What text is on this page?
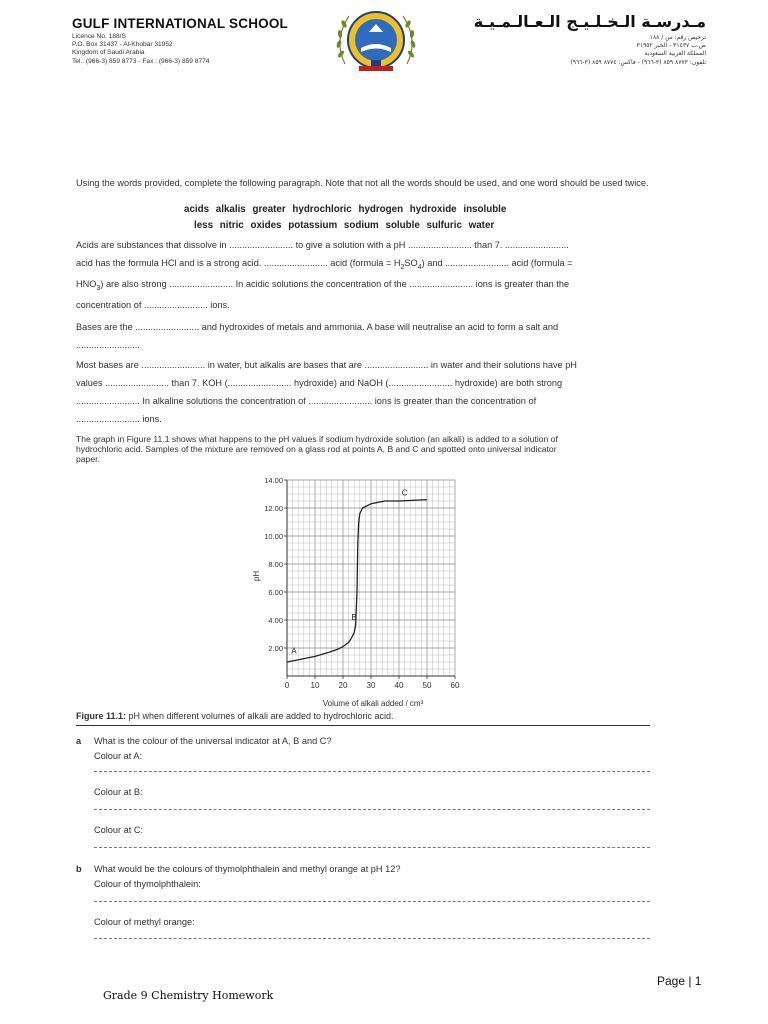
GULF INTERNATIONAL SCHOOL
Licence No. 188/S
P.O. Box 31437 - Al-Khobar 31952
Kingdom of Saudi Arabia
Tel.: (966-3) 859 8773 - Fax : (966-3) 859 8774
مـدرسـة الـخـلـيـج الـعـالـمـيـة
ترخيص رقم: س / ١٨٨
ص.ب ٣١٤٣٧ - الخبر ٣١٩٥٢
المملكة العربية السعودية
تلفون: ٨٧٧٣ ٨٥٩ (٣-٩٦٦) - فاكس: ٨٧٧٤ ٨٥٩ (٣-٩٦٦)
Using the words provided, complete the following paragraph. Note that not all the words should be used, and one word should be used twice.
acids alkalis greater hydrochloric hydrogen hydroxide insoluble
less nitric oxides potassium sodium soluble sulfuric water
Acids are substances that dissolve in ......................... to give a solution with a pH ......................... than 7. .........................
acid has the formula HCl and is a strong acid. ......................... acid (formula = $H_2SO_4$) and ......................... acid (formula =
$HNO_3$) are also strong ......................... In acidic solutions the concentration of the ......................... ions is greater than the
concentration of ......................... ions.
Bases are the ......................... and hydroxides of metals and ammonia. A base will neutralise an acid to form a salt and
.........................
Most bases are ......................... in water, but alkalis are bases that are ......................... in water and their solutions have pH
values ......................... than 7. KOH (......................... hydroxide) and NaOH (......................... hydroxide) are both strong
......................... In alkaline solutions the concentration of ......................... ions is greater than the concentration of
......................... ions.
The graph in Figure 11.1 shows what happens to the pH values if sodium hydroxide solution (an alkali) is added to a solution of
hydrochloric acid. Samples of the mixture are removed on a glass rod at points A, B and C and spotted onto universal indicator
paper.
0	10 20 30 40 50 60
2.00
4.00
6.00
8.00
10.00
12.00
14.00
A
B
C
Volume of alkali added / cm³
pH
Figure 11.1: pH when different volumes of alkali are added to hydrochloric acid.
a What is the colour of the universal indicator at A, B and C?
Colour at A:
Colour at B:
Colour at C:
b What would be the colours of thymolphthalein and methyl orange at pH 12?
Colour of thymolphthalein:
Colour of methyl orange:
Page | 1
Grade 9 Chemistry Homework
